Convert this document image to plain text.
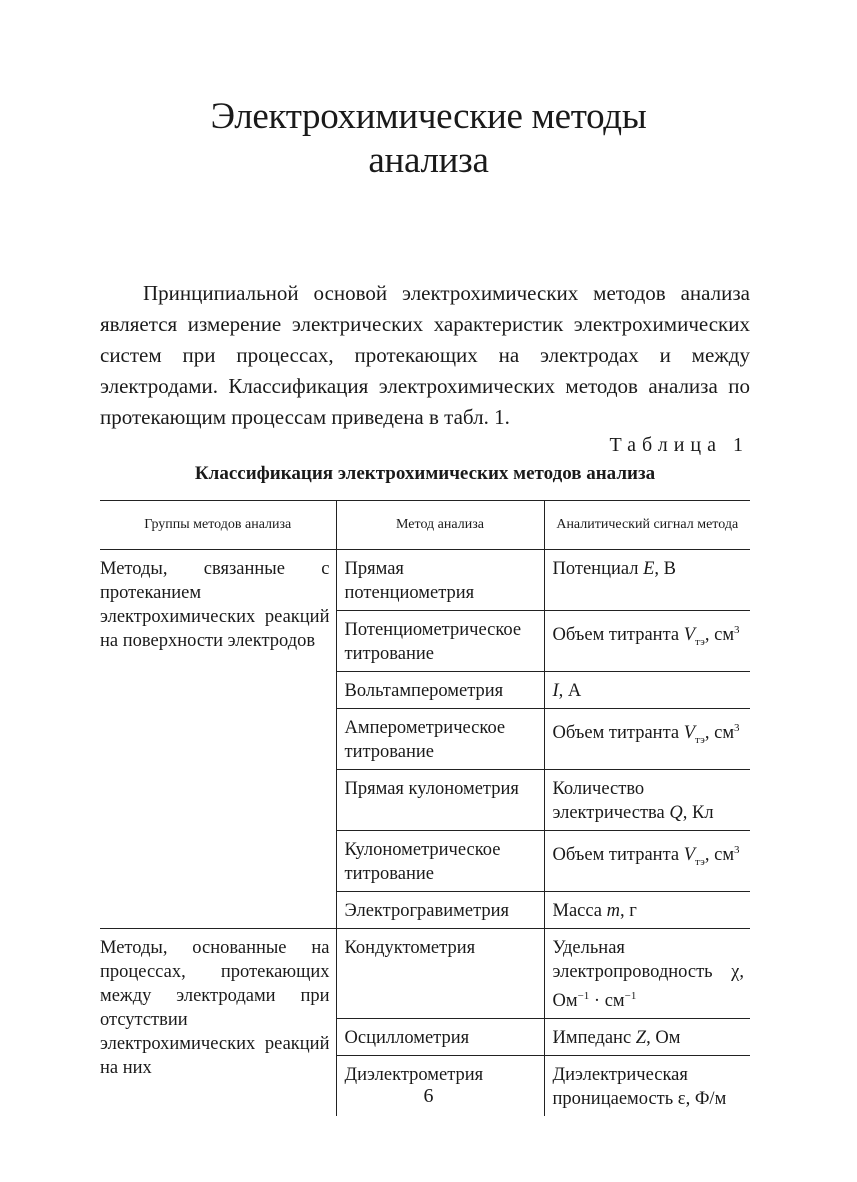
Электрохимические методы
анализа

Принципиальной основой электрохимических методов анализа является измерение электрических характеристик электрохимических систем при процессах, протекающих на электродах и между электродами. Классификация электрохимических методов анализа по протекающим процессам приведена в табл. 1.

Таблица 1
Классификация электрохимических методов анализа
Группы методов анализа	Метод анализа	Аналитический сигнал метода
Методы, связанные с протеканием электрохимических реакций на поверхности электродов	Прямая потенциометрия	Потенциал E, В
	Потенциометрическое титрование	Объем титранта $V_{тэ}$, $см^3$
	Вольтамперометрия	I, А
	Амперометрическое титрование	Объем титранта $V_{тэ}$, $см^3$
	Прямая кулонометрия	Количество электричества Q, Кл
	Кулонометрическое титрование	Объем титранта $V_{тэ}$, $см^3$
	Электрогравиметрия	Масса m, г
Методы, основанные на процессах, протекающих между электродами при отсутствии электрохимических реакций на них	Кондуктометрия	Удельная электропроводность χ, $Ом^{-1} \cdot см^{-1}$
	Осциллометрия	Импеданс Z, Ом
	Диэлектрометрия	Диэлектрическая проницаемость ε, Ф/м
6
